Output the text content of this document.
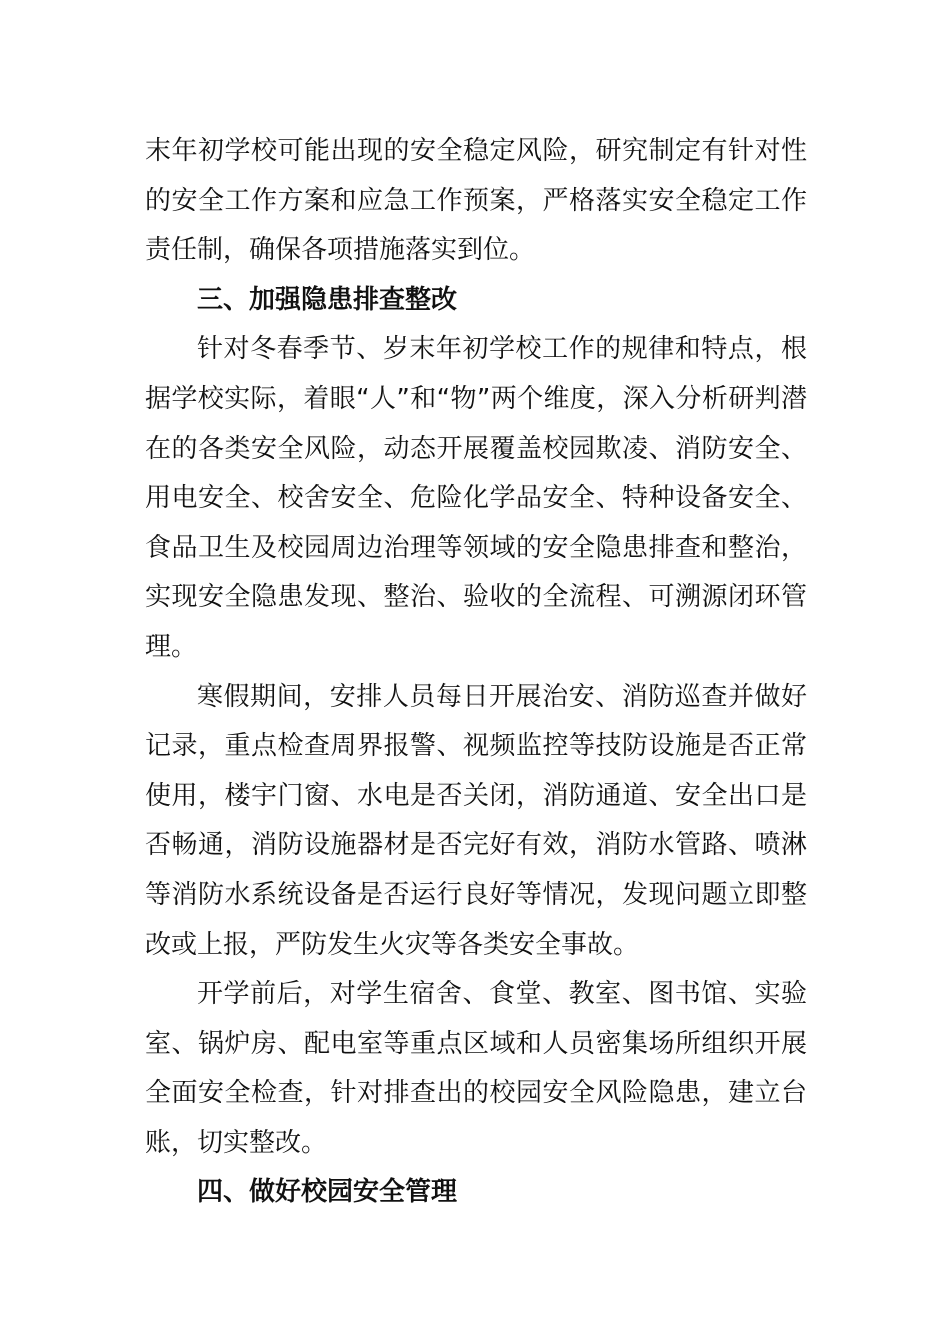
末年初学校可能出现的安全稳定风险，研究制定有针对性的安全工作方案和应急工作预案，严格落实安全稳定工作责任制，确保各项措施落实到位。

三、加强隐患排查整改

针对冬春季节、岁末年初学校工作的规律和特点，根据学校实际，着眼“人”和“物”两个维度，深入分析研判潜在的各类安全风险，动态开展覆盖校园欺凌、消防安全、用电安全、校舍安全、危险化学品安全、特种设备安全、食品卫生及校园周边治理等领域的安全隐患排查和整治，实现安全隐患发现、整治、验收的全流程、可溯源闭环管理。

寒假期间，安排人员每日开展治安、消防巡查并做好记录，重点检查周界报警、视频监控等技防设施是否正常使用，楼宇门窗、水电是否关闭，消防通道、安全出口是否畅通，消防设施器材是否完好有效，消防水管路、喷淋等消防水系统设备是否运行良好等情况，发现问题立即整改或上报，严防发生火灾等各类安全事故。

开学前后，对学生宿舍、食堂、教室、图书馆、实验室、锅炉房、配电室等重点区域和人员密集场所组织开展全面安全检查，针对排查出的校园安全风险隐患，建立台账，切实整改。

四、做好校园安全管理
